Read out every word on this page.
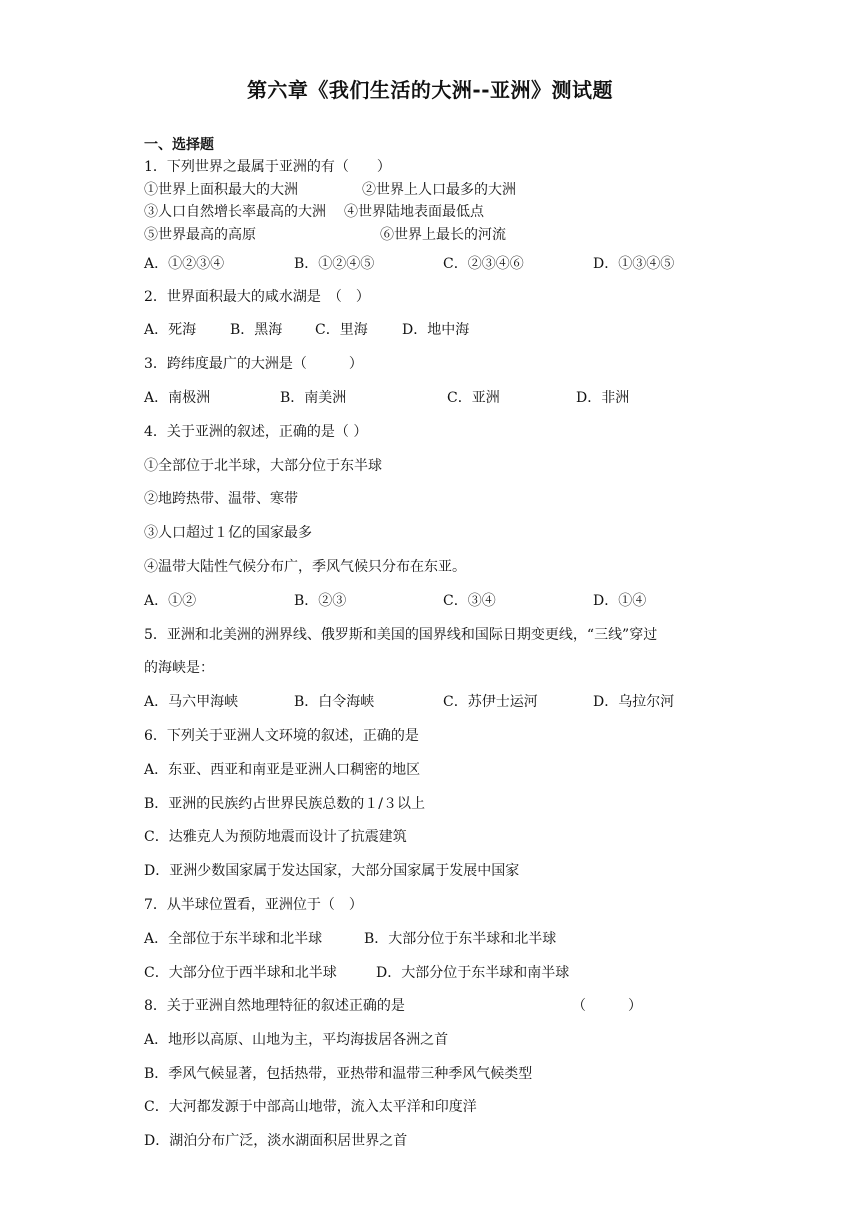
第六章《我们生活的大洲--亚洲》测试题
一、选择题
1．下列世界之最属于亚洲的有（　　）
①世界上面积最大的大洲	②世界上人口最多的大洲
③人口自然增长率最高的大洲 ④世界陆地表面最低点
⑤世界最高的高原	⑥世界上最长的河流
A．①②③④	B．①②④⑤	C．②③④⑥	D．①③④⑤
2．世界面积最大的咸水湖是　（　）
A．死海 B．黑海 C．里海 D．地中海
3．跨纬度最广的大洲是（　　　）
A．南极洲	B．南美洲	C．亚洲	D．非洲
4．关于亚洲的叙述，正确的是（ ）
①全部位于北半球，大部分位于东半球
②地跨热带、温带、寒带
③人口超过１亿的国家最多
④温带大陆性气候分布广，季风气候只分布在东亚。
A．①②	B．②③	C．③④	D．①④
5．亚洲和北美洲的洲界线、俄罗斯和美国的国界线和国际日期变更线，“三线”穿过
的海峡是：
A．马六甲海峡	B．白令海峡	C．苏伊士运河	D．乌拉尔河
6．下列关于亚洲人文环境的叙述，正确的是
A．东亚、西亚和南亚是亚洲人口稠密的地区
B．亚洲的民族约占世界民族总数的１/３以上
C．达雅克人为预防地震而设计了抗震建筑
D．亚洲少数国家属于发达国家，大部分国家属于发展中国家
7．从半球位置看，亚洲位于（　）
A．全部位于东半球和北半球	B．大部分位于东半球和北半球
C．大部分位于西半球和北半球	D．大部分位于东半球和南半球
8．关于亚洲自然地理特征的叙述正确的是	（　　　）
A．地形以高原、山地为主，平均海拔居各洲之首
B．季风气候显著，包括热带，亚热带和温带三种季风气候类型
C．大河都发源于中部高山地带，流入太平洋和印度洋
D．湖泊分布广泛，淡水湖面积居世界之首
